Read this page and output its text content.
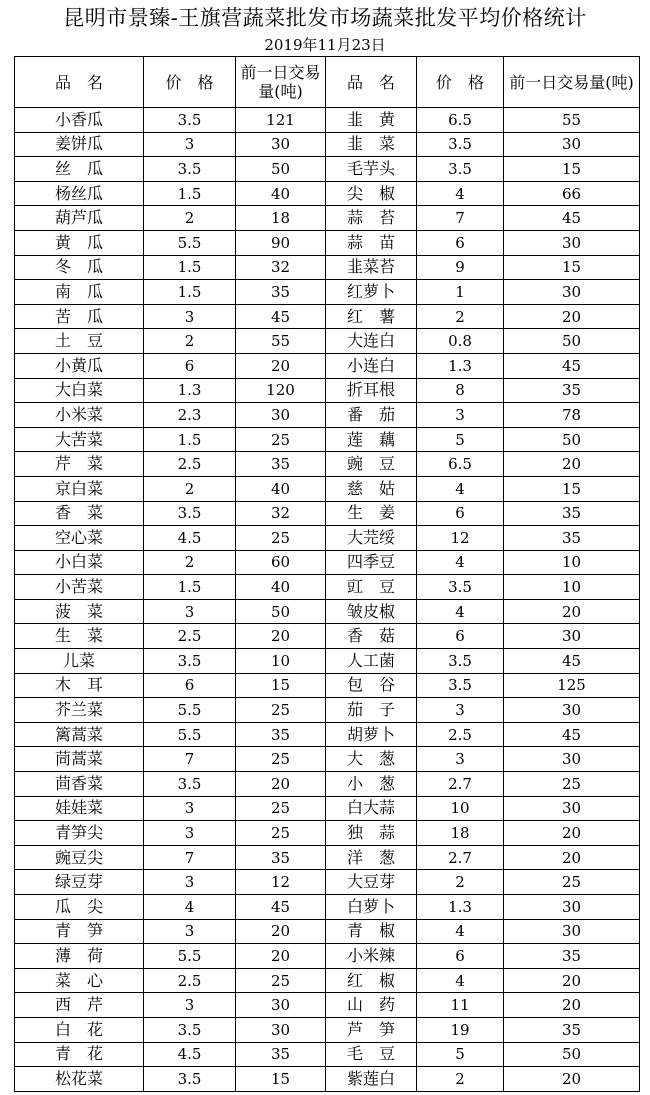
昆明市景臻-王旗营蔬菜批发市场蔬菜批发平均价格统计
2019年11月23日
品　名	价　格	前一日交易量(吨)	品　名	价　格	前一日交易量(吨)

小香瓜	3.5	121	韭　黄	6.5	55
姜饼瓜	3	30	韭　菜	3.5	30
丝　瓜	3.5	50	毛芋头	3.5	15
杨丝瓜	1.5	40	尖　椒	4	66
葫芦瓜	2	18	蒜　苔	7	45
黄　瓜	5.5	90	蒜　苗	6	30
冬　瓜	1.5	32	韭菜苔	9	15
南　瓜	1.5	35	红萝卜	1	30
苦　瓜	3	45	红　薯	2	20
土　豆	2	55	大连白	0.8	50
小黄瓜	6	20	小连白	1.3	45
大白菜	1.3	120	折耳根	8	35
小米菜	2.3	30	番　茄	3	78
大苦菜	1.5	25	莲　藕	5	50
芹　菜	2.5	35	豌　豆	6.5	20
京白菜	2	40	慈　姑	4	15
香　菜	3.5	32	生　姜	6	35
空心菜	4.5	25	大芫绥	12	35
小白菜	2	60	四季豆	4	10
小苦菜	1.5	40	豇　豆	3.5	10
菠　菜	3	50	皱皮椒	4	20
生　菜	2.5	20	香　菇	6	30
儿菜	3.5	10	人工菌	3.5	45
木　耳	6	15	包　谷	3.5	125
芥兰菜	5.5	25	茄　子	3	30
篱蒿菜	5.5	35	胡萝卜	2.5	45
茼蒿菜	7	25	大　葱	3	30
茴香菜	3.5	20	小　葱	2.7	25
娃娃菜	3	25	白大蒜	10	30
青笋尖	3	25	独　蒜	18	20
豌豆尖	7	35	洋　葱	2.7	20
绿豆芽	3	12	大豆芽	2	25
瓜　尖	4	45	白萝卜	1.3	30
青　笋	3	20	青　椒	4	30
薄　荷	5.5	20	小米辣	6	35
菜　心	2.5	25	红　椒	4	20
西　芹	3	30	山　药	11	20
白　花	3.5	30	芦　笋	19	35
青　花	4.5	35	毛　豆	5	50
松花菜	3.5	15	紫莲白	2	20
